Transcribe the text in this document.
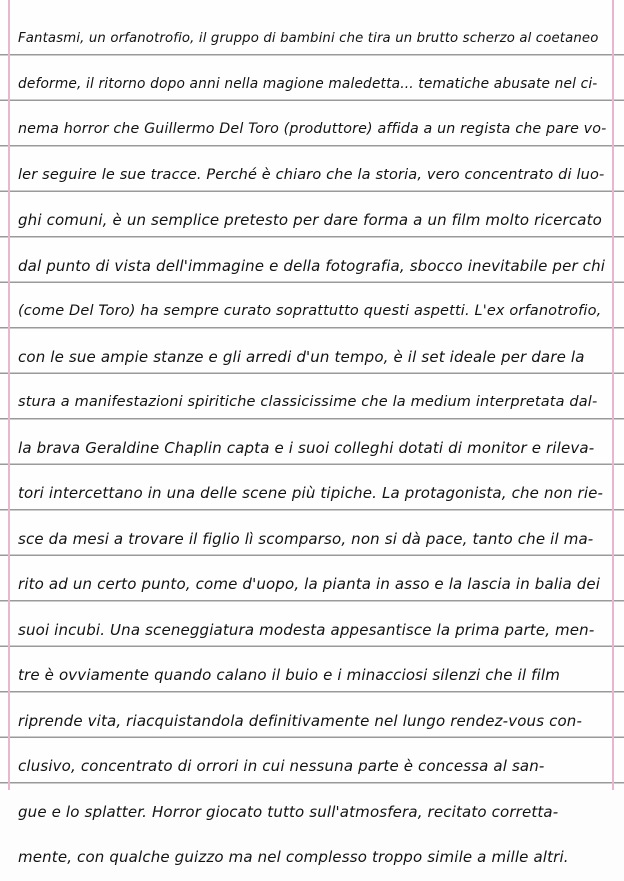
Fantasmi, un orfanotrofio, il gruppo di bambini che tira un brutto scherzo al coetaneo
deforme, il ritorno dopo anni nella magione maledetta... tematiche abusate nel ci-
nema horror che Guillermo Del Toro (produttore) affida a un regista che pare vo-
ler seguire le sue tracce. Perché è chiaro che la storia, vero concentrato di luo-
ghi comuni, è un semplice pretesto per dare forma a un film molto ricercato
dal punto di vista dell'immagine e della fotografia, sbocco inevitabile per chi
(come Del Toro) ha sempre curato soprattutto questi aspetti. L'ex orfanotrofio,
con le sue ampie stanze e gli arredi d'un tempo, è il set ideale per dare la
stura a manifestazioni spiritiche classicissime che la medium interpretata dal-
la brava Geraldine Chaplin capta e i suoi colleghi dotati di monitor e rileva-
tori intercettano in una delle scene più tipiche. La protagonista, che non rie-
sce da mesi a trovare il figlio lì scomparso, non si dà pace, tanto che il ma-
rito ad un certo punto, come d'uopo, la pianta in asso e la lascia in balia dei
suoi incubi. Una sceneggiatura modesta appesantisce la prima parte, men-
tre è ovviamente quando calano il buio e i minacciosi silenzi che il film
riprende vita, riacquistandola definitivamente nel lungo rendez-vous con-
clusivo, concentrato di orrori in cui nessuna parte è concessa al san-
gue e lo splatter. Horror giocato tutto sull'atmosfera, recitato corretta-
mente, con qualche guizzo ma nel complesso troppo simile a mille altri.
